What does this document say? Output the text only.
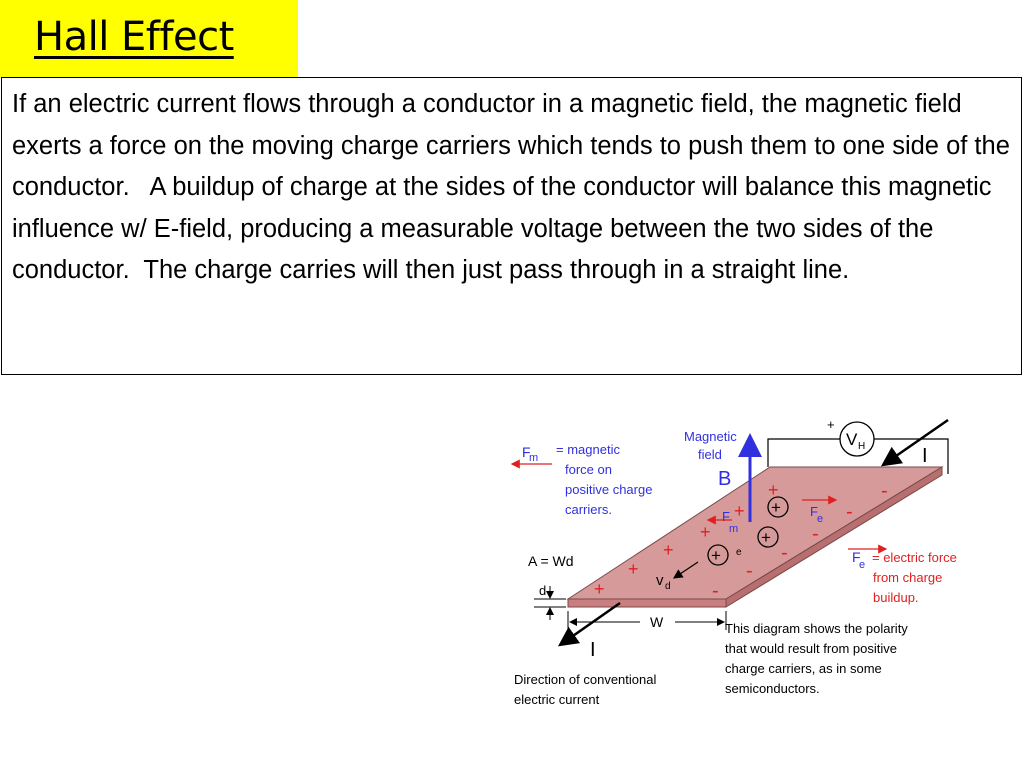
Hall Effect
If an electric current flows through a conductor in a magnetic field, the magnetic field exerts a force on the moving charge carriers which tends to push them to one side of the conductor.   A buildup of charge at the sides of the conductor will balance this magnetic influence w/ E-field, producing a measurable voltage between the two sides of the conductor.  The charge carries will then just pass through in a straight line.
V H
+
I
I
Magnetic
field
B
F
m
= magnetic
force on
positive charge
carriers.	F
m
+
+
+ e
v d
F e
+
+
+
+
+
+
-
-
-
-
-
-
F
e = electric force
from charge
buildup.
A = Wd
d
W
Direction of conventional
electric current
This diagram shows the polarity
that would result from positive
charge carriers, as in some
semiconductors.
